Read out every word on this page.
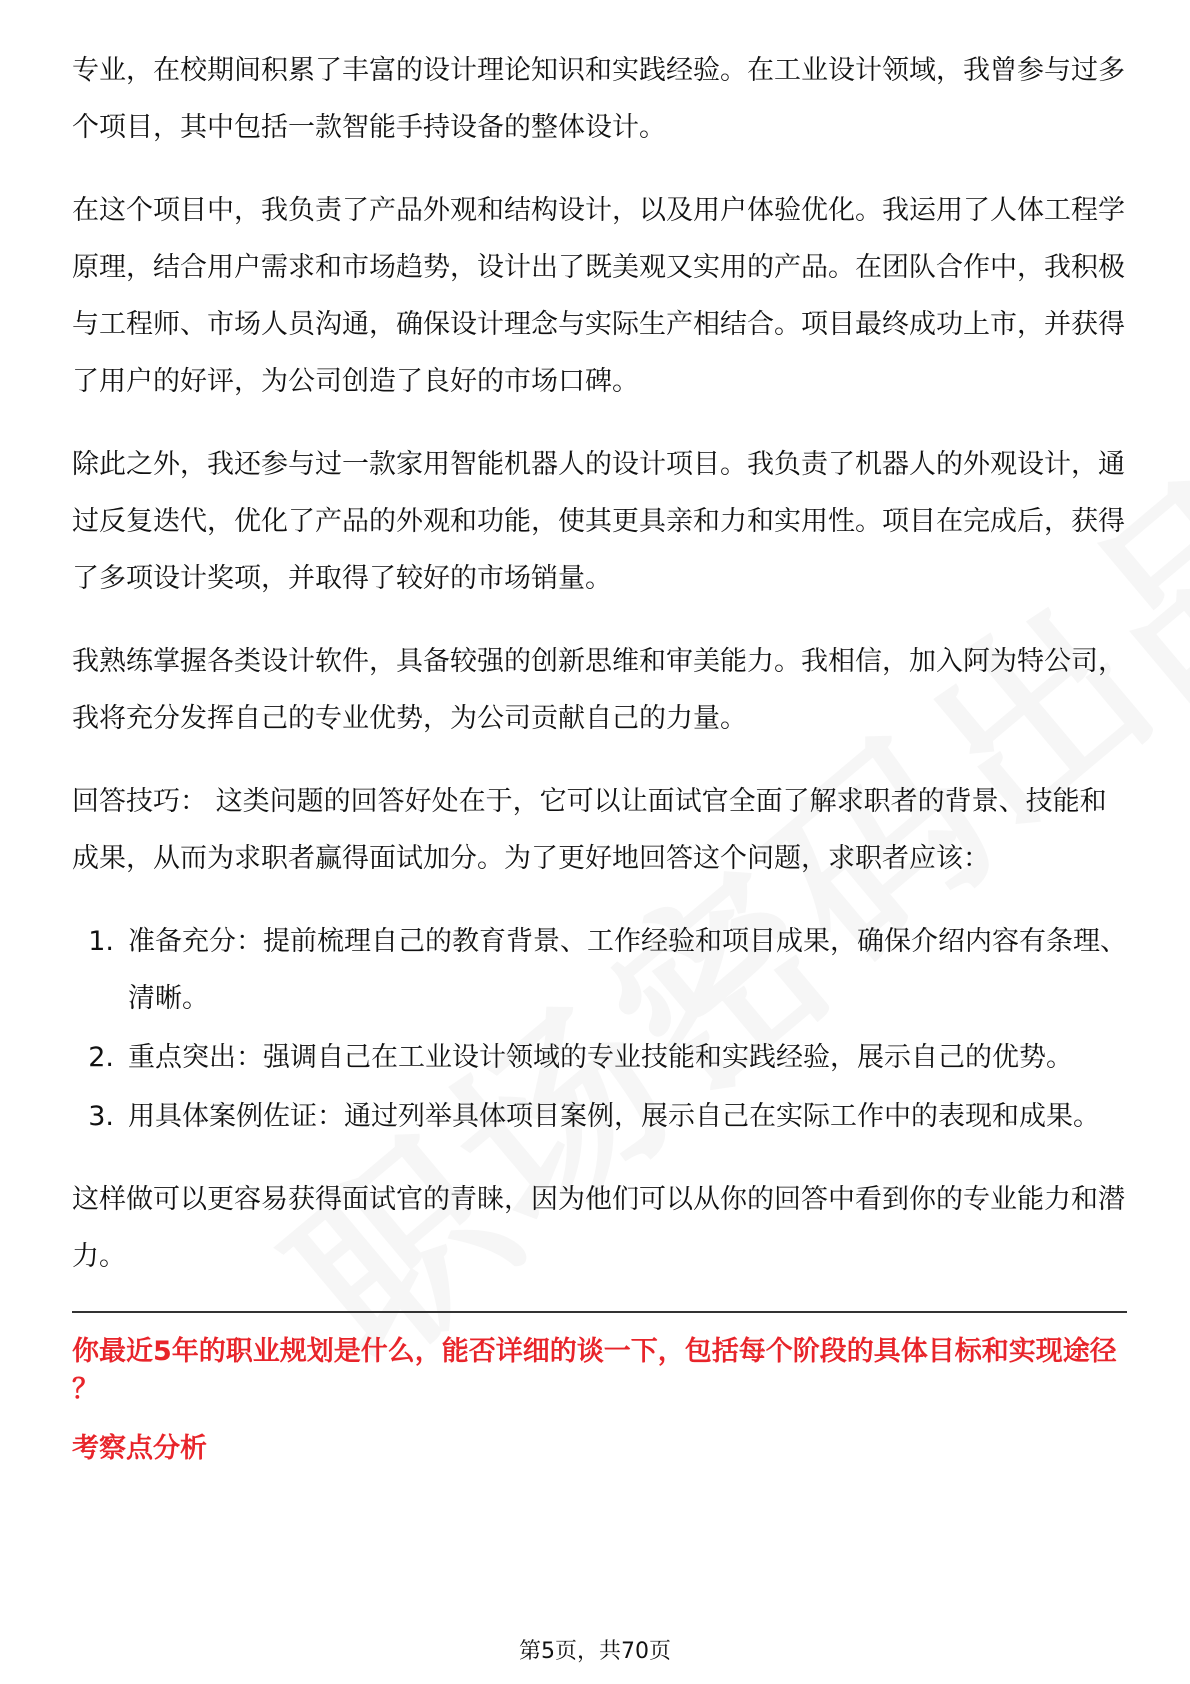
专业，在校期间积累了丰富的设计理论知识和实践经验。在工业设计领域，我曾参与过多个项目，其中包括一款智能手持设备的整体设计。

在这个项目中，我负责了产品外观和结构设计，以及用户体验优化。我运用了人体工程学原理，结合用户需求和市场趋势，设计出了既美观又实用的产品。在团队合作中，我积极与工程师、市场人员沟通，确保设计理念与实际生产相结合。项目最终成功上市，并获得了用户的好评，为公司创造了良好的市场口碑。

除此之外，我还参与过一款家用智能机器人的设计项目。我负责了机器人的外观设计，通过反复迭代，优化了产品的外观和功能，使其更具亲和力和实用性。项目在完成后，获得了多项设计奖项，并取得了较好的市场销量。

我熟练掌握各类设计软件，具备较强的创新思维和审美能力。我相信，加入阿为特公司，我将充分发挥自己的专业优势，为公司贡献自己的力量。

回答技巧： 这类问题的回答好处在于，它可以让面试官全面了解求职者的背景、技能和成果，从而为求职者赢得面试加分。为了更好地回答这个问题，求职者应该：

1. 准备充分：提前梳理自己的教育背景、工作经验和项目成果，确保介绍内容有条理、清晰。
2. 重点突出：强调自己在工业设计领域的专业技能和实践经验，展示自己的优势。
3. 用具体案例佐证：通过列举具体项目案例，展示自己在实际工作中的表现和成果。

这样做可以更容易获得面试官的青睐，因为他们可以从你的回答中看到你的专业能力和潜力。

你最近5年的职业规划是什么，能否详细的谈一下，包括每个阶段的具体目标和实现途径 ？

考察点分析

第5页，共70页
